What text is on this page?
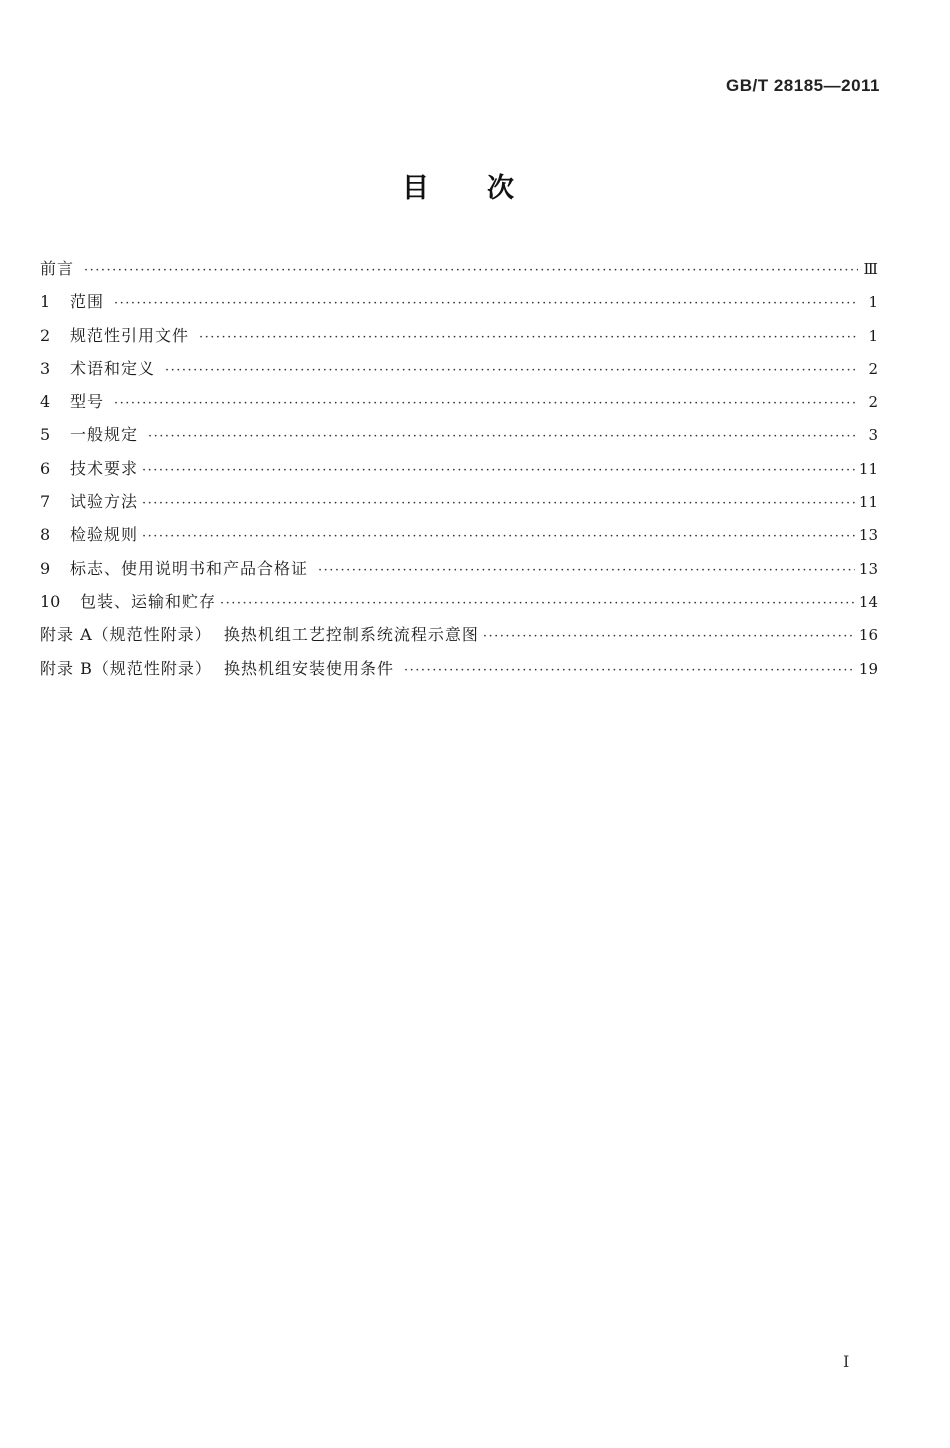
GB/T 28185—2011
目 次
前言 ·····	Ⅲ
1	范围 ·····	1
2	规范性引用文件 ·····	1
3	术语和定义 ·····	2
4	型号 ·····	2
5	一般规定 ·····	3
6	技术要求 ·····	11
7	试验方法 ·····	11
8	检验规则 ·····	13
9	标志、使用说明书和产品合格证 ·····	13
10	包装、运输和贮存 ·····	14
附录 A（规范性附录）  换热机组工艺控制系统流程示意图 ·····	16
附录 B（规范性附录）  换热机组安装使用条件 ·····	19
I
